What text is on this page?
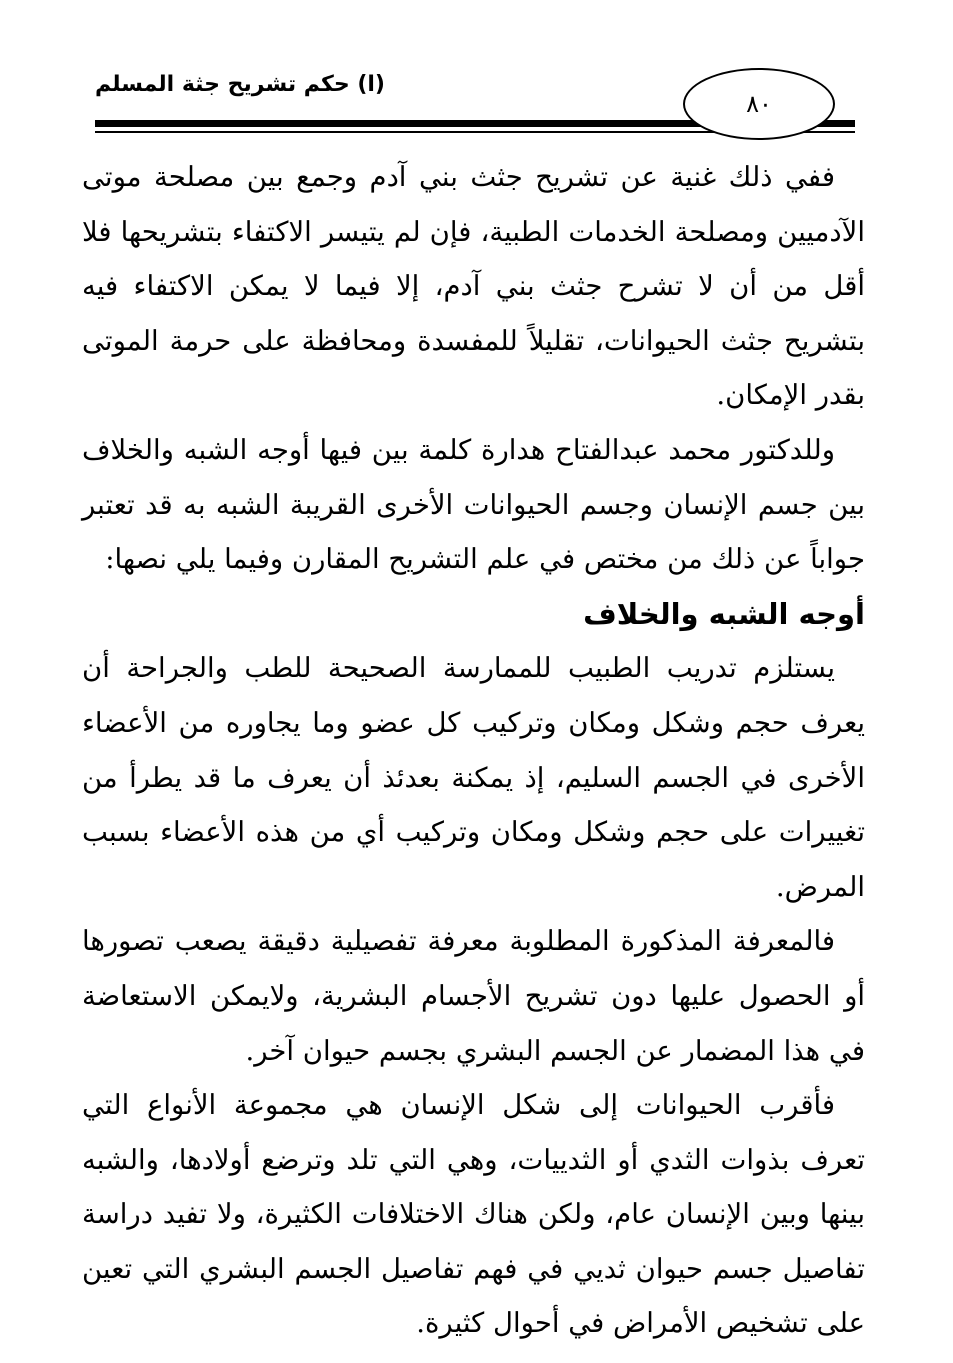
(ا) حكم تشريح جثة المسلم
٨٠

ففي ذلك غنية عن تشريح جثث بني آدم وجمع بين مصلحة موتى الآدميين ومصلحة الخدمات الطبية، فإن لم يتيسر الاكتفاء بتشريحها فلا أقل من أن لا تشرح جثث بني آدم، إلا فيما لا يمكن الاكتفاء فيه بتشريح جثث الحيوانات، تقليلاً للمفسدة ومحافظة على حرمة الموتى بقدر الإمكان.

وللدكتور محمد عبدالفتاح هدارة كلمة بين فيها أوجه الشبه والخلاف بين جسم الإنسان وجسم الحيوانات الأخرى القريبة الشبه به قد تعتبر جواباً عن ذلك من مختص في علم التشريح المقارن وفيما يلي نصها:

أوجه الشبه والخلاف

يستلزم تدريب الطبيب للممارسة الصحيحة للطب والجراحة أن يعرف حجم وشكل ومكان وتركيب كل عضو وما يجاوره من الأعضاء الأخرى في الجسم السليم، إذ يمكنة بعدئذ أن يعرف ما قد يطرأ من تغييرات على حجم وشكل ومكان وتركيب أي من هذه الأعضاء بسبب المرض.

فالمعرفة المذكورة المطلوبة معرفة تفصيلية دقيقة يصعب تصورها أو الحصول عليها دون تشريح الأجسام البشرية، ولايمكن الاستعاضة في هذا المضمار عن الجسم البشري بجسم حيوان آخر.

فأقرب الحيوانات إلى شكل الإنسان هي مجموعة الأنواع التي تعرف بذوات الثدي أو الثدييات، وهي التي تلد وترضع أولادها، والشبه بينها وبين الإنسان عام، ولكن هناك الاختلافات الكثيرة، ولا تفيد دراسة تفاصيل جسم حيوان ثديي في فهم تفاصيل الجسم البشري التي تعين على تشخيص الأمراض في أحوال كثيرة.
